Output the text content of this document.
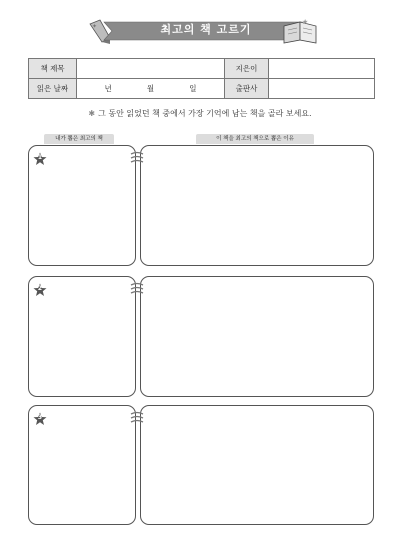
✦
★
최고의 책 고르기
책 제목		지은이	
읽은 날짜	년 월 일	출판사	
✱ 그 동안 읽었던 책 중에서 가장 기억에 남는 책을 골라 보세요.
내가 뽑은 최고의 책	이 책을 최고의 책으로 뽑은 이유
1
2
3
